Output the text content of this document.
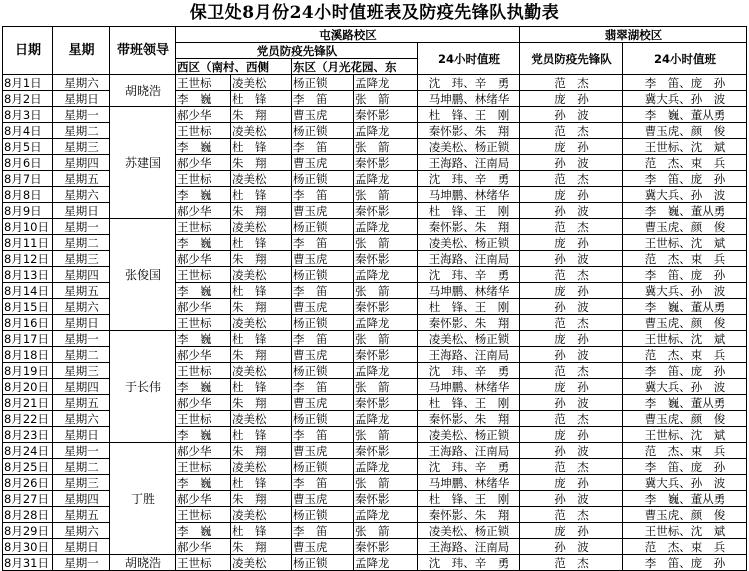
保卫处8月份24小时值班表及防疫先锋队执勤表
日期	星期	带班领导	屯溪路校区					翡翠湖校区	
			党员防疫先锋队				24小时值班	党员防疫先锋队	24小时值班
			西区（南村、西侧		东区（月光花园、东				
8月1日	星期六	胡晓浩	王世标	凌美松	杨正锁	孟降龙	沈　玮、辛　勇	范　杰	李　笛、庞　孙
8月2日	星期日		李　巍	杜　锋	李　笛	张　箭	马坤鹏、林绪华	庞　孙	冀大兵、孙　波
8月3日	星期一	苏建国	郝少华	朱　翔	曹玉虎	秦怀影	杜　锋、王　刚	孙　波	李　巍、董从勇
8月4日	星期二		王世标	凌美松	杨正锁	孟降龙	秦怀影、朱　翔	范　杰	曹玉虎、颜　俊
8月5日	星期三		李　巍	杜　锋	李　笛	张　箭	凌美松、杨正锁	庞　孙	王世标、沈　斌
8月6日	星期四		郝少华	朱　翔	曹玉虎	秦怀影	王海路、汪南局	孙　波	范　杰、束　兵
8月7日	星期五		王世标	凌美松	杨正锁	孟降龙	沈　玮、辛　勇	范　杰	李　笛、庞　孙
8月8日	星期六		李　巍	杜　锋	李　笛	张　箭	马坤鹏、林绪华	庞　孙	冀大兵、孙　波
8月9日	星期日		郝少华	朱　翔	曹玉虎	秦怀影	杜　锋、王　刚	孙　波	李　巍、董从勇
8月10日	星期一	张俊国	王世标	凌美松	杨正锁	孟降龙	秦怀影、朱　翔	范　杰	曹玉虎、颜　俊
8月11日	星期二		李　巍	杜　锋	李　笛	张　箭	凌美松、杨正锁	庞　孙	王世标、沈　斌
8月12日	星期三		郝少华	朱　翔	曹玉虎	秦怀影	王海路、汪南局	孙　波	范　杰、束　兵
8月13日	星期四		王世标	凌美松	杨正锁	孟降龙	沈　玮、辛　勇	范　杰	李　笛、庞　孙
8月14日	星期五		李　巍	杜　锋	李　笛	张　箭	马坤鹏、林绪华	庞　孙	冀大兵、孙　波
8月15日	星期六		郝少华	朱　翔	曹玉虎	秦怀影	杜　锋、王　刚	孙　波	李　巍、董从勇
8月16日	星期日		王世标	凌美松	杨正锁	孟降龙	秦怀影、朱　翔	范　杰	曹玉虎、颜　俊
8月17日	星期一	于长伟	李　巍	杜　锋	李　笛	张　箭	凌美松、杨正锁	庞　孙	王世标、沈　斌
8月18日	星期二		郝少华	朱　翔	曹玉虎	秦怀影	王海路、汪南局	孙　波	范　杰、束　兵
8月19日	星期三		王世标	凌美松	杨正锁	孟降龙	沈　玮、辛　勇	范　杰	李　笛、庞　孙
8月20日	星期四		李　巍	杜　锋	李　笛	张　箭	马坤鹏、林绪华	庞　孙	冀大兵、孙　波
8月21日	星期五		郝少华	朱　翔	曹玉虎	秦怀影	杜　锋、王　刚	孙　波	李　巍、董从勇
8月22日	星期六		王世标	凌美松	杨正锁	孟降龙	秦怀影、朱　翔	范　杰	曹玉虎、颜　俊
8月23日	星期日		李　巍	杜　锋	李　笛	张　箭	凌美松、杨正锁	庞　孙	王世标、沈　斌
8月24日	星期一	丁胜	郝少华	朱　翔	曹玉虎	秦怀影	王海路、汪南局	孙　波	范　杰、束　兵
8月25日	星期二		王世标	凌美松	杨正锁	孟降龙	沈　玮、辛　勇	范　杰	李　笛、庞　孙
8月26日	星期三		李　巍	杜　锋	李　笛	张　箭	马坤鹏、林绪华	庞　孙	冀大兵、孙　波
8月27日	星期四		郝少华	朱　翔	曹玉虎	秦怀影	杜　锋、王　刚	孙　波	李　巍、董从勇
8月28日	星期五		王世标	凌美松	杨正锁	孟降龙	秦怀影、朱　翔	范　杰	曹玉虎、颜　俊
8月29日	星期六		李　巍	杜　锋	李　笛	张　箭	凌美松、杨正锁	庞　孙	王世标、沈　斌
8月30日	星期日		郝少华	朱　翔	曹玉虎	秦怀影	王海路、汪南局	孙　波	范　杰、束　兵
8月31日	星期一	胡晓浩	王世标	凌美松	杨正锁	孟降龙	沈　玮、辛　勇	范　杰	李　笛、庞　孙
